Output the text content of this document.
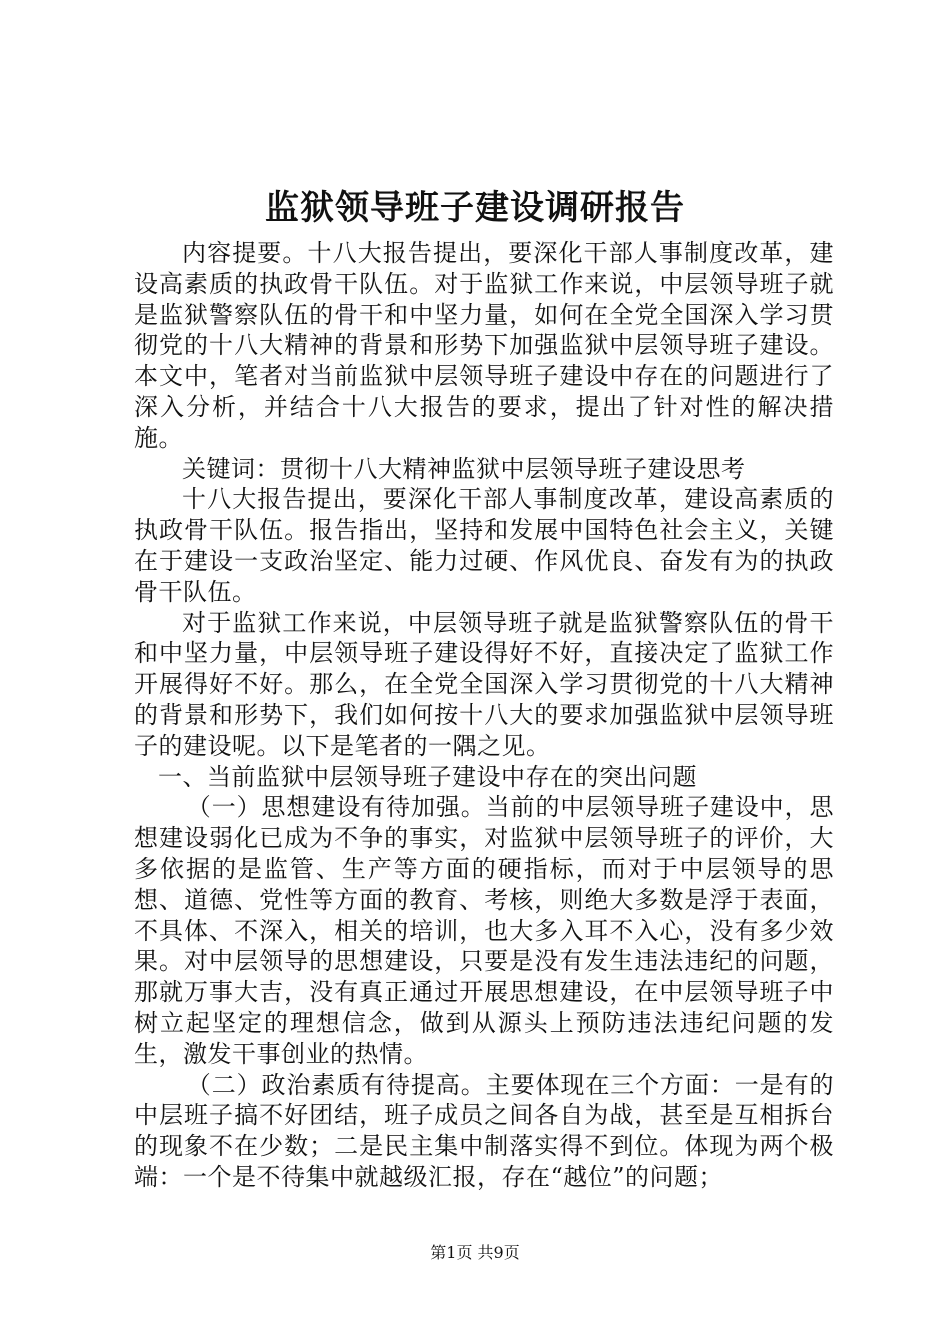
监狱领导班子建设调研报告

内容提要。十八大报告提出，要深化干部人事制度改革，建设高素质的执政骨干队伍。对于监狱工作来说，中层领导班子就是监狱警察队伍的骨干和中坚力量，如何在全党全国深入学习贯彻党的十八大精神的背景和形势下加强监狱中层领导班子建设。本文中，笔者对当前监狱中层领导班子建设中存在的问题进行了深入分析，并结合十八大报告的要求，提出了针对性的解决措施。

关键词：贯彻十八大精神监狱中层领导班子建设思考

十八大报告提出，要深化干部人事制度改革，建设高素质的执政骨干队伍。报告指出，坚持和发展中国特色社会主义，关键在于建设一支政治坚定、能力过硬、作风优良、奋发有为的执政骨干队伍。

对于监狱工作来说，中层领导班子就是监狱警察队伍的骨干和中坚力量，中层领导班子建设得好不好，直接决定了监狱工作开展得好不好。那么，在全党全国深入学习贯彻党的十八大精神的背景和形势下，我们如何按十八大的要求加强监狱中层领导班子的建设呢。以下是笔者的一隅之见。

一、当前监狱中层领导班子建设中存在的突出问题

（一）思想建设有待加强。当前的中层领导班子建设中，思想建设弱化已成为不争的事实，对监狱中层领导班子的评价，大多依据的是监管、生产等方面的硬指标，而对于中层领导的思想、道德、党性等方面的教育、考核，则绝大多数是浮于表面，不具体、不深入，相关的培训，也大多入耳不入心，没有多少效果。对中层领导的思想建设，只要是没有发生违法违纪的问题，那就万事大吉，没有真正通过开展思想建设，在中层领导班子中树立起坚定的理想信念，做到从源头上预防违法违纪问题的发生，激发干事创业的热情。

（二）政治素质有待提高。主要体现在三个方面：一是有的中层班子搞不好团结，班子成员之间各自为战，甚至是互相拆台的现象不在少数；二是民主集中制落实得不到位。体现为两个极端：一个是不待集中就越级汇报，存在“越位”的问题；

第1页 共9页
